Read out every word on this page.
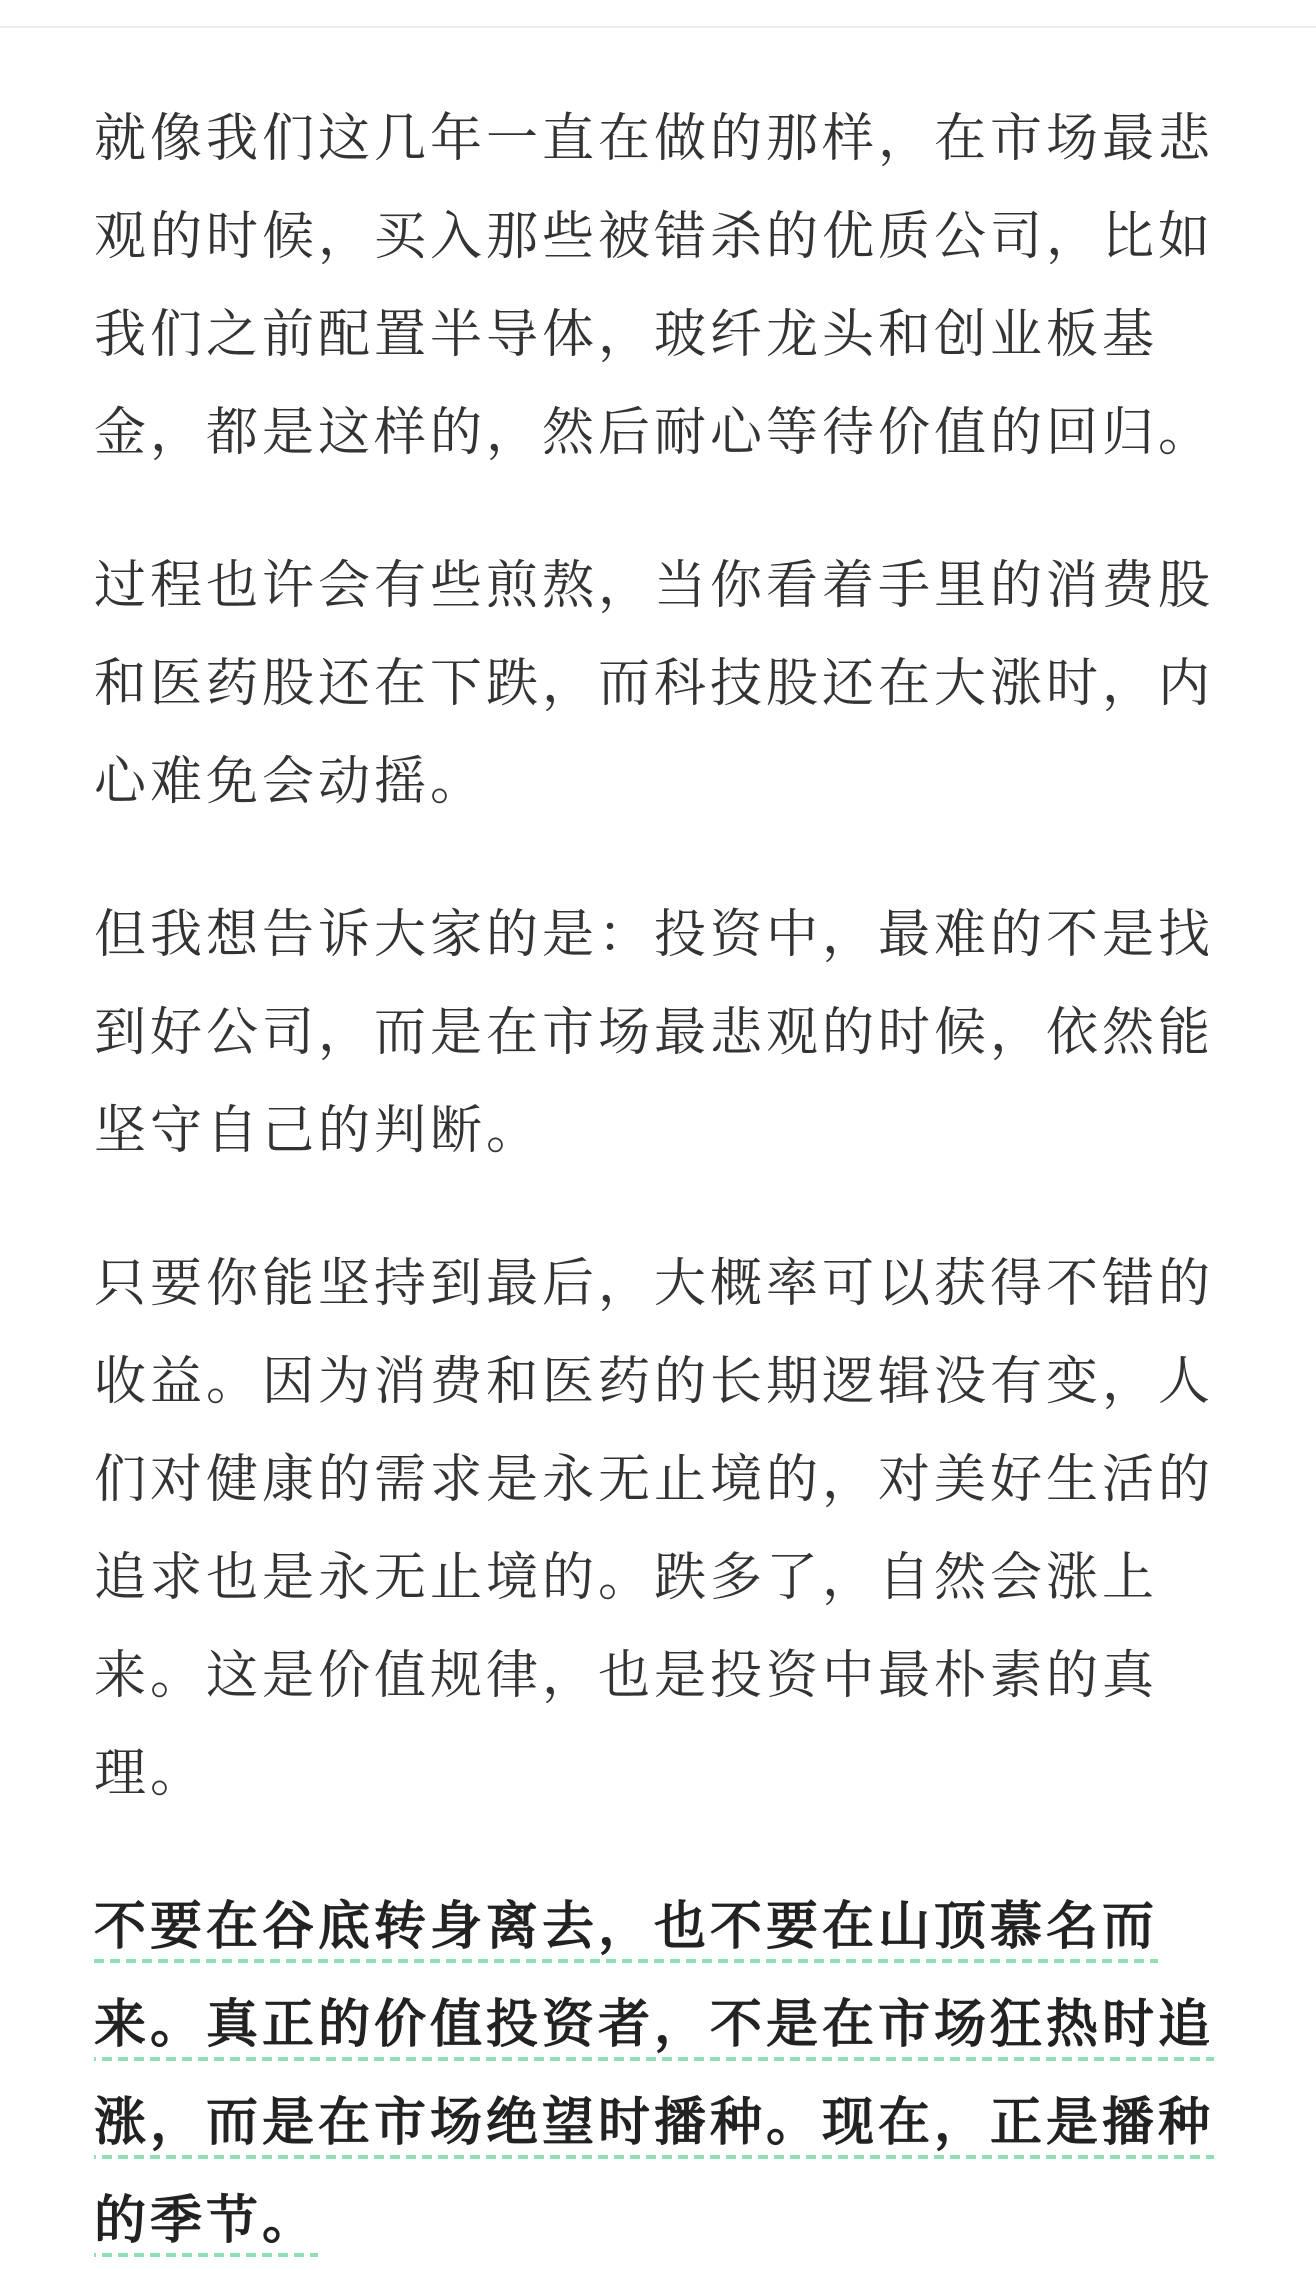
就像我们这几年一直在做的那样，在市场最悲观的时候，买入那些被错杀的优质公司，比如我们之前配置半导体，玻纤龙头和创业板基金，都是这样的，然后耐心等待价值的回归。

过程也许会有些煎熬，当你看着手里的消费股和医药股还在下跌，而科技股还在大涨时，内心难免会动摇。

但我想告诉大家的是：投资中，最难的不是找到好公司，而是在市场最悲观的时候，依然能坚守自己的判断。

只要你能坚持到最后，大概率可以获得不错的收益。因为消费和医药的长期逻辑没有变，人们对健康的需求是永无止境的，对美好生活的追求也是永无止境的。跌多了，自然会涨上来。这是价值规律，也是投资中最朴素的真理。

不要在谷底转身离去，也不要在山顶慕名而来。真正的价值投资者，不是在市场狂热时追涨，而是在市场绝望时播种。现在，正是播种的季节。
